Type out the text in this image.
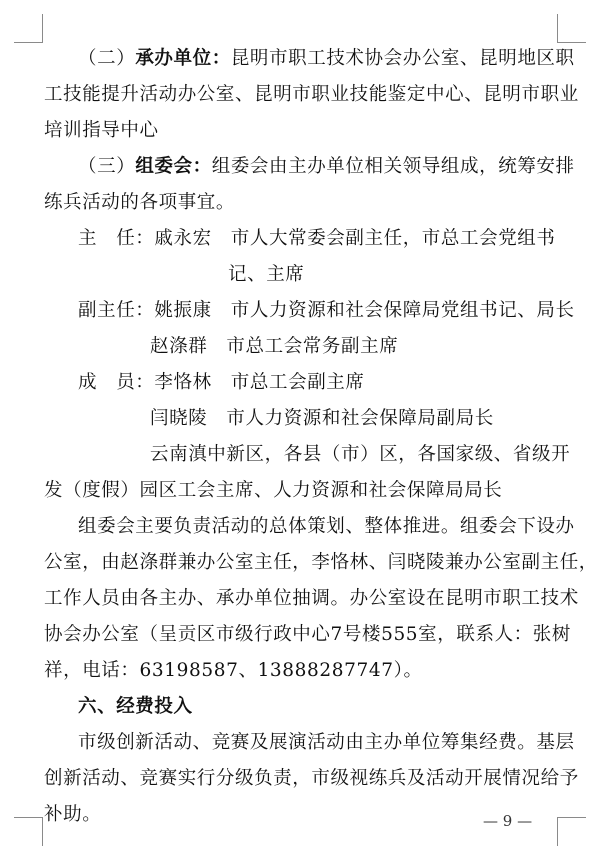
（二）承办单位：昆明市职工技术协会办公室、昆明地区职
工技能提升活动办公室、昆明市职业技能鉴定中心、昆明市职业
培训指导中心
（三）组委会：组委会由主办单位相关领导组成，统筹安排
练兵活动的各项事宜。
主　任：戚永宏　市人大常委会副主任，市总工会党组书
记、主席
副主任：姚振康　市人力资源和社会保障局党组书记、局长
赵涤群　市总工会常务副主席
成　员：李恪林　市总工会副主席
闫晓陵　市人力资源和社会保障局副局长
云南滇中新区，各县（市）区，各国家级、省级开
发（度假）园区工会主席、人力资源和社会保障局局长
组委会主要负责活动的总体策划、整体推进。组委会下设办
公室，由赵涤群兼办公室主任，李恪林、闫晓陵兼办公室副主任，
工作人员由各主办、承办单位抽调。办公室设在昆明市职工技术
协会办公室（呈贡区市级行政中心7号楼555室，联系人：张树
祥，电话：63198587、13888287747）。
六、经费投入
市级创新活动、竞赛及展演活动由主办单位筹集经费。基层
创新活动、竞赛实行分级负责，市级视练兵及活动开展情况给予
补助。	— 9 —
